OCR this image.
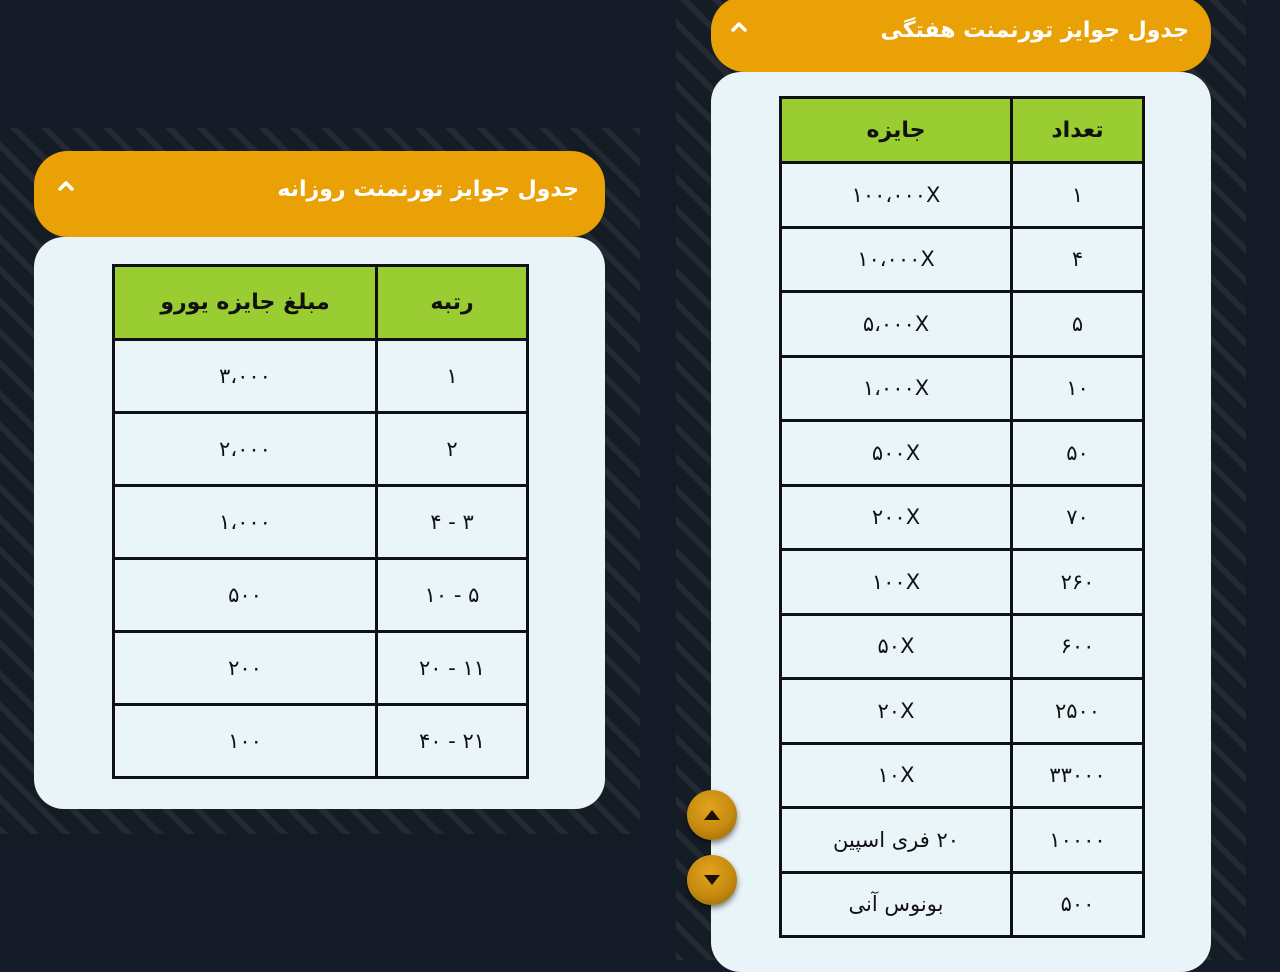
رتبه	مبلغ جایزه یورو
۱	۳،۰۰۰
۲	۲،۰۰۰
۳ - ۴	۱،۰۰۰
۵ - ۱۰	۵۰۰
۱۱ - ۲۰	۲۰۰
۲۱ - ۴۰	۱۰۰
جدول جوایز تورنمنت روزانه
تعداد	جایزه
۱	۱۰۰،۰۰۰X
۴	۱۰،۰۰۰X
۵	۵،۰۰۰X
۱۰	۱،۰۰۰X
۵۰	۵۰۰X
۷۰	۲۰۰X
۲۶۰	۱۰۰X
۶۰۰	۵۰X
۲۵۰۰	۲۰X
۳۳۰۰۰	۱۰X
۱۰۰۰۰	۲۰ فری اسپین
۵۰۰	بونوس آنی
جدول جوایز تورنمنت هفتگی
